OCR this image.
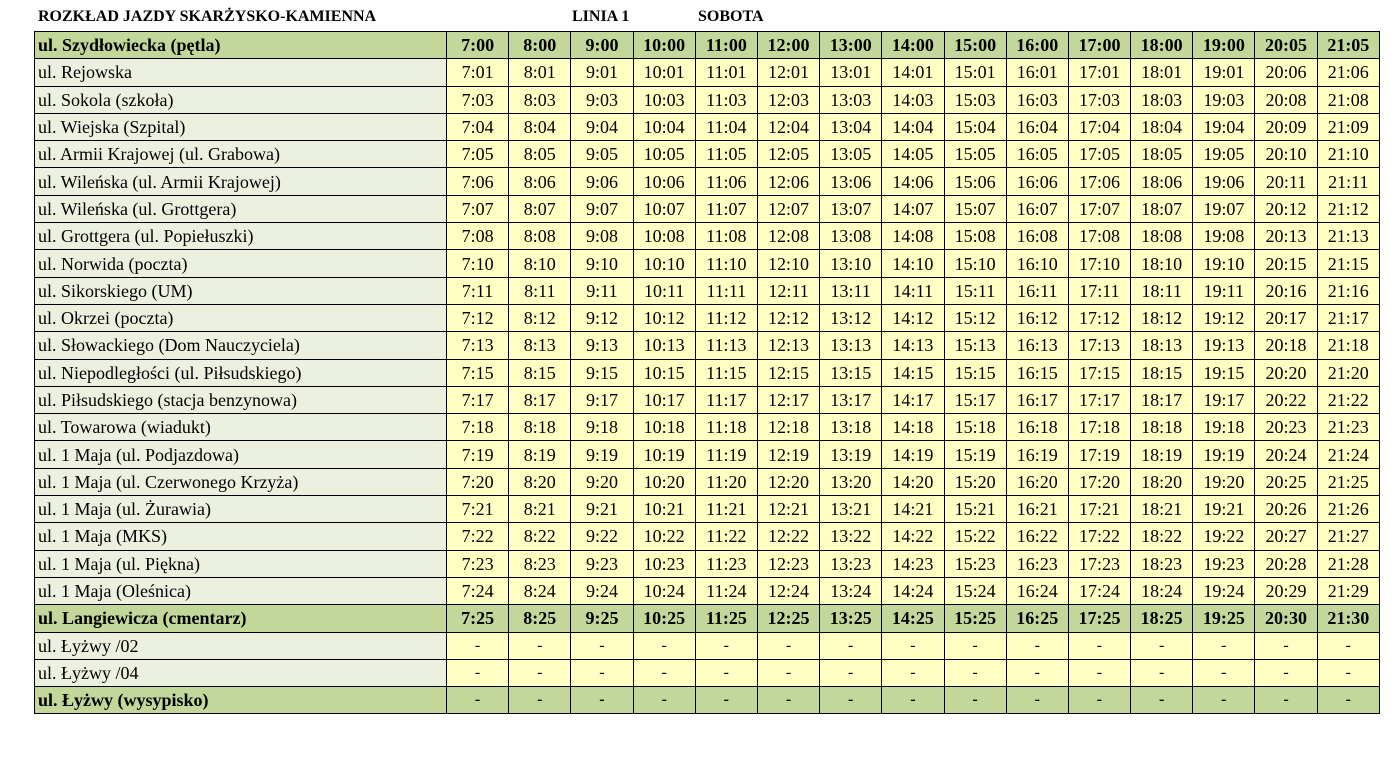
ROZKŁAD JAZDY SKARŻYSKO-KAMIENNA	LINIA 1	SOBOTA
ul. Szydłowiecka (pętla)	7:00	8:00	9:00	10:00	11:00	12:00	13:00	14:00	15:00	16:00	17:00	18:00	19:00	20:05	21:05
ul. Rejowska	7:01	8:01	9:01	10:01	11:01	12:01	13:01	14:01	15:01	16:01	17:01	18:01	19:01	20:06	21:06
ul. Sokola (szkoła)	7:03	8:03	9:03	10:03	11:03	12:03	13:03	14:03	15:03	16:03	17:03	18:03	19:03	20:08	21:08
ul. Wiejska (Szpital)	7:04	8:04	9:04	10:04	11:04	12:04	13:04	14:04	15:04	16:04	17:04	18:04	19:04	20:09	21:09
ul. Armii Krajowej (ul. Grabowa)	7:05	8:05	9:05	10:05	11:05	12:05	13:05	14:05	15:05	16:05	17:05	18:05	19:05	20:10	21:10
ul. Wileńska (ul. Armii Krajowej)	7:06	8:06	9:06	10:06	11:06	12:06	13:06	14:06	15:06	16:06	17:06	18:06	19:06	20:11	21:11
ul. Wileńska (ul. Grottgera)	7:07	8:07	9:07	10:07	11:07	12:07	13:07	14:07	15:07	16:07	17:07	18:07	19:07	20:12	21:12
ul. Grottgera (ul. Popiełuszki)	7:08	8:08	9:08	10:08	11:08	12:08	13:08	14:08	15:08	16:08	17:08	18:08	19:08	20:13	21:13
ul. Norwida (poczta)	7:10	8:10	9:10	10:10	11:10	12:10	13:10	14:10	15:10	16:10	17:10	18:10	19:10	20:15	21:15
ul. Sikorskiego (UM)	7:11	8:11	9:11	10:11	11:11	12:11	13:11	14:11	15:11	16:11	17:11	18:11	19:11	20:16	21:16
ul. Okrzei (poczta)	7:12	8:12	9:12	10:12	11:12	12:12	13:12	14:12	15:12	16:12	17:12	18:12	19:12	20:17	21:17
ul. Słowackiego (Dom Nauczyciela)	7:13	8:13	9:13	10:13	11:13	12:13	13:13	14:13	15:13	16:13	17:13	18:13	19:13	20:18	21:18
ul. Niepodległości (ul. Piłsudskiego)	7:15	8:15	9:15	10:15	11:15	12:15	13:15	14:15	15:15	16:15	17:15	18:15	19:15	20:20	21:20
ul. Piłsudskiego (stacja benzynowa)	7:17	8:17	9:17	10:17	11:17	12:17	13:17	14:17	15:17	16:17	17:17	18:17	19:17	20:22	21:22
ul. Towarowa (wiadukt)	7:18	8:18	9:18	10:18	11:18	12:18	13:18	14:18	15:18	16:18	17:18	18:18	19:18	20:23	21:23
ul. 1 Maja (ul. Podjazdowa)	7:19	8:19	9:19	10:19	11:19	12:19	13:19	14:19	15:19	16:19	17:19	18:19	19:19	20:24	21:24
ul. 1 Maja (ul. Czerwonego Krzyża)	7:20	8:20	9:20	10:20	11:20	12:20	13:20	14:20	15:20	16:20	17:20	18:20	19:20	20:25	21:25
ul. 1 Maja (ul. Żurawia)	7:21	8:21	9:21	10:21	11:21	12:21	13:21	14:21	15:21	16:21	17:21	18:21	19:21	20:26	21:26
ul. 1 Maja (MKS)	7:22	8:22	9:22	10:22	11:22	12:22	13:22	14:22	15:22	16:22	17:22	18:22	19:22	20:27	21:27
ul. 1 Maja (ul. Piękna)	7:23	8:23	9:23	10:23	11:23	12:23	13:23	14:23	15:23	16:23	17:23	18:23	19:23	20:28	21:28
ul. 1 Maja (Oleśnica)	7:24	8:24	9:24	10:24	11:24	12:24	13:24	14:24	15:24	16:24	17:24	18:24	19:24	20:29	21:29
ul. Langiewicza (cmentarz)	7:25	8:25	9:25	10:25	11:25	12:25	13:25	14:25	15:25	16:25	17:25	18:25	19:25	20:30	21:30
ul. Łyżwy /02	-	-	-	-	-	-	-	-	-	-	-	-	-	-	-
ul. Łyżwy /04	-	-	-	-	-	-	-	-	-	-	-	-	-	-	-
ul. Łyżwy (wysypisko)	-	-	-	-	-	-	-	-	-	-	-	-	-	-	-
